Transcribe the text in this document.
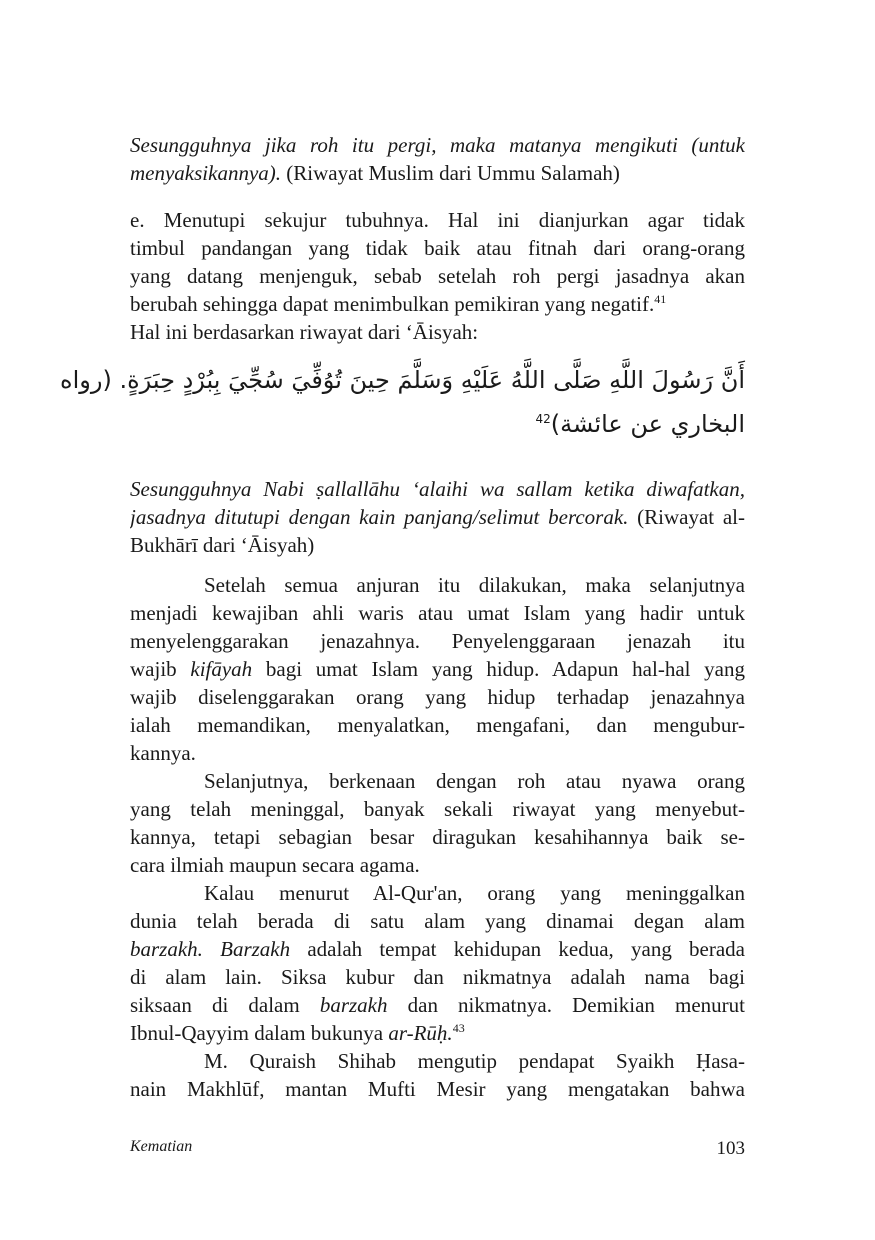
Sesungguhnya jika roh itu pergi, maka matanya mengikuti (untuk
menyaksikannya). (Riwayat Muslim dari Ummu Salamah)
e. Menutupi sekujur tubuhnya. Hal ini dianjurkan agar tidak
timbul pandangan yang tidak baik atau fitnah dari orang-orang
yang datang menjenguk, sebab setelah roh pergi jasadnya akan
berubah sehingga dapat menimbulkan pemikiran yang negatif.$^{41}$
Hal ini berdasarkan riwayat dari ‘Āisyah:
أَنَّ رَسُولَ اللَّهِ صَلَّى اللَّهُ عَلَيْهِ وَسَلَّمَ حِينَ تُوُفِّيَ سُجِّيَ بِبُرْدٍ حِبَرَةٍ. (رواه
البخاري عن عائشة)$^{42}$
Sesungguhnya Nabi ṣallallāhu ‘alaihi wa sallam ketika diwafatkan,
jasadnya ditutupi dengan kain panjang/selimut bercorak. (Riwayat al-
Bukhārī dari ‘Āisyah)
Setelah semua anjuran itu dilakukan, maka selanjutnya
menjadi kewajiban ahli waris atau umat Islam yang hadir untuk
menyelenggarakan jenazahnya. Penyelenggaraan jenazah itu
wajib kifāyah bagi umat Islam yang hidup. Adapun hal-hal yang
wajib diselenggarakan orang yang hidup terhadap jenazahnya
ialah memandikan, menyalatkan, mengafani, dan mengubur-
kannya.
Selanjutnya, berkenaan dengan roh atau nyawa orang
yang telah meninggal, banyak sekali riwayat yang menyebut-
kannya, tetapi sebagian besar diragukan kesahihannya baik se-
cara ilmiah maupun secara agama.
Kalau menurut Al-Qur'an, orang yang meninggalkan
dunia telah berada di satu alam yang dinamai degan alam
barzakh. Barzakh adalah tempat kehidupan kedua, yang berada
di alam lain. Siksa kubur dan nikmatnya adalah nama bagi
siksaan di dalam barzakh dan nikmatnya. Demikian menurut
Ibnul-Qayyim dalam bukunya ar-Rūḥ.$^{43}$
M. Quraish Shihab mengutip pendapat Syaikh Ḥasa-
nain Makhlūf, mantan Mufti Mesir yang mengatakan bahwa
Kematian	103
